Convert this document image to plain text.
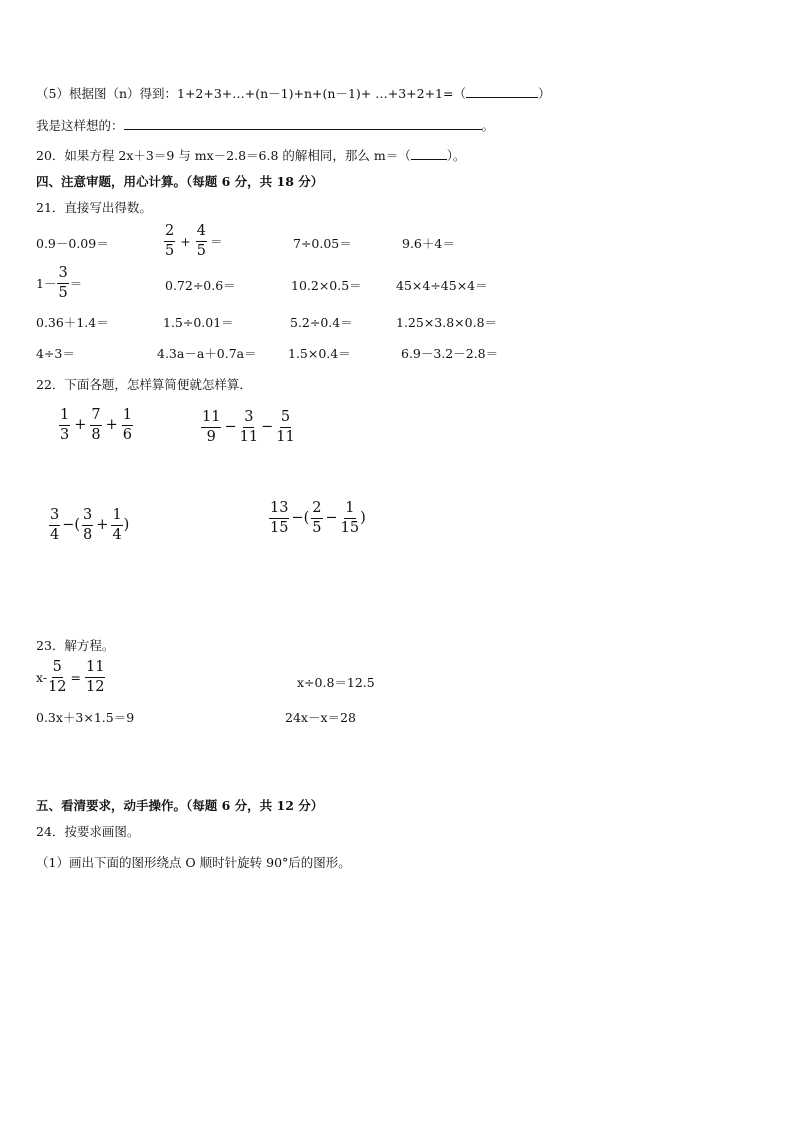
（5）根据图（n）得到：1+2+3+…+(n－1)+n+(n－1)+ …+3+2+1=（	）
我是这样想的：	。
20．如果方程 2x＋3＝9 与 mx－2.8＝6.8 的解相同，那么 m＝（	）。
四、注意审题，用心计算。（每题 6 分，共 18 分）
21．直接写出得数。
0.9－0.09＝	$\frac{2}{5} + \frac{4}{5}$ ＝	7÷0.05＝	9.6＋4＝
$1- \frac{3}{5}$ ＝	0.72÷0.6＝	10.2×0.5＝	45×4÷45×4＝
0.36＋1.4＝	1.5÷0.01＝	5.2÷0.4＝	1.25×3.8×0.8＝
4÷3＝	4.3a－a＋0.7a＝	1.5×0.4＝	6.9－3.2－2.8＝
22．下面各题，怎样算简便就怎样算．
$\frac{1}{3} + \frac{7}{8} + \frac{1}{6}$	$\frac{11}{9} - \frac{3}{11} - \frac{5}{11}$
$\frac{3}{4}$ −( $\frac{3}{8} + \frac{1}{4}$ )	$\frac{13}{15}$ −( $\frac{2}{5} - \frac{1}{15}$ )
23．解方程。
$x- \frac{5}{12} = \frac{11}{12}$	x÷0.8＝12.5
0.3x＋3×1.5＝9	24x－x＝28
五、看清要求，动手操作。（每题 6 分，共 12 分）
24．按要求画图。
（1）画出下面的图形绕点 O 顺时针旋转 90°后的图形。
